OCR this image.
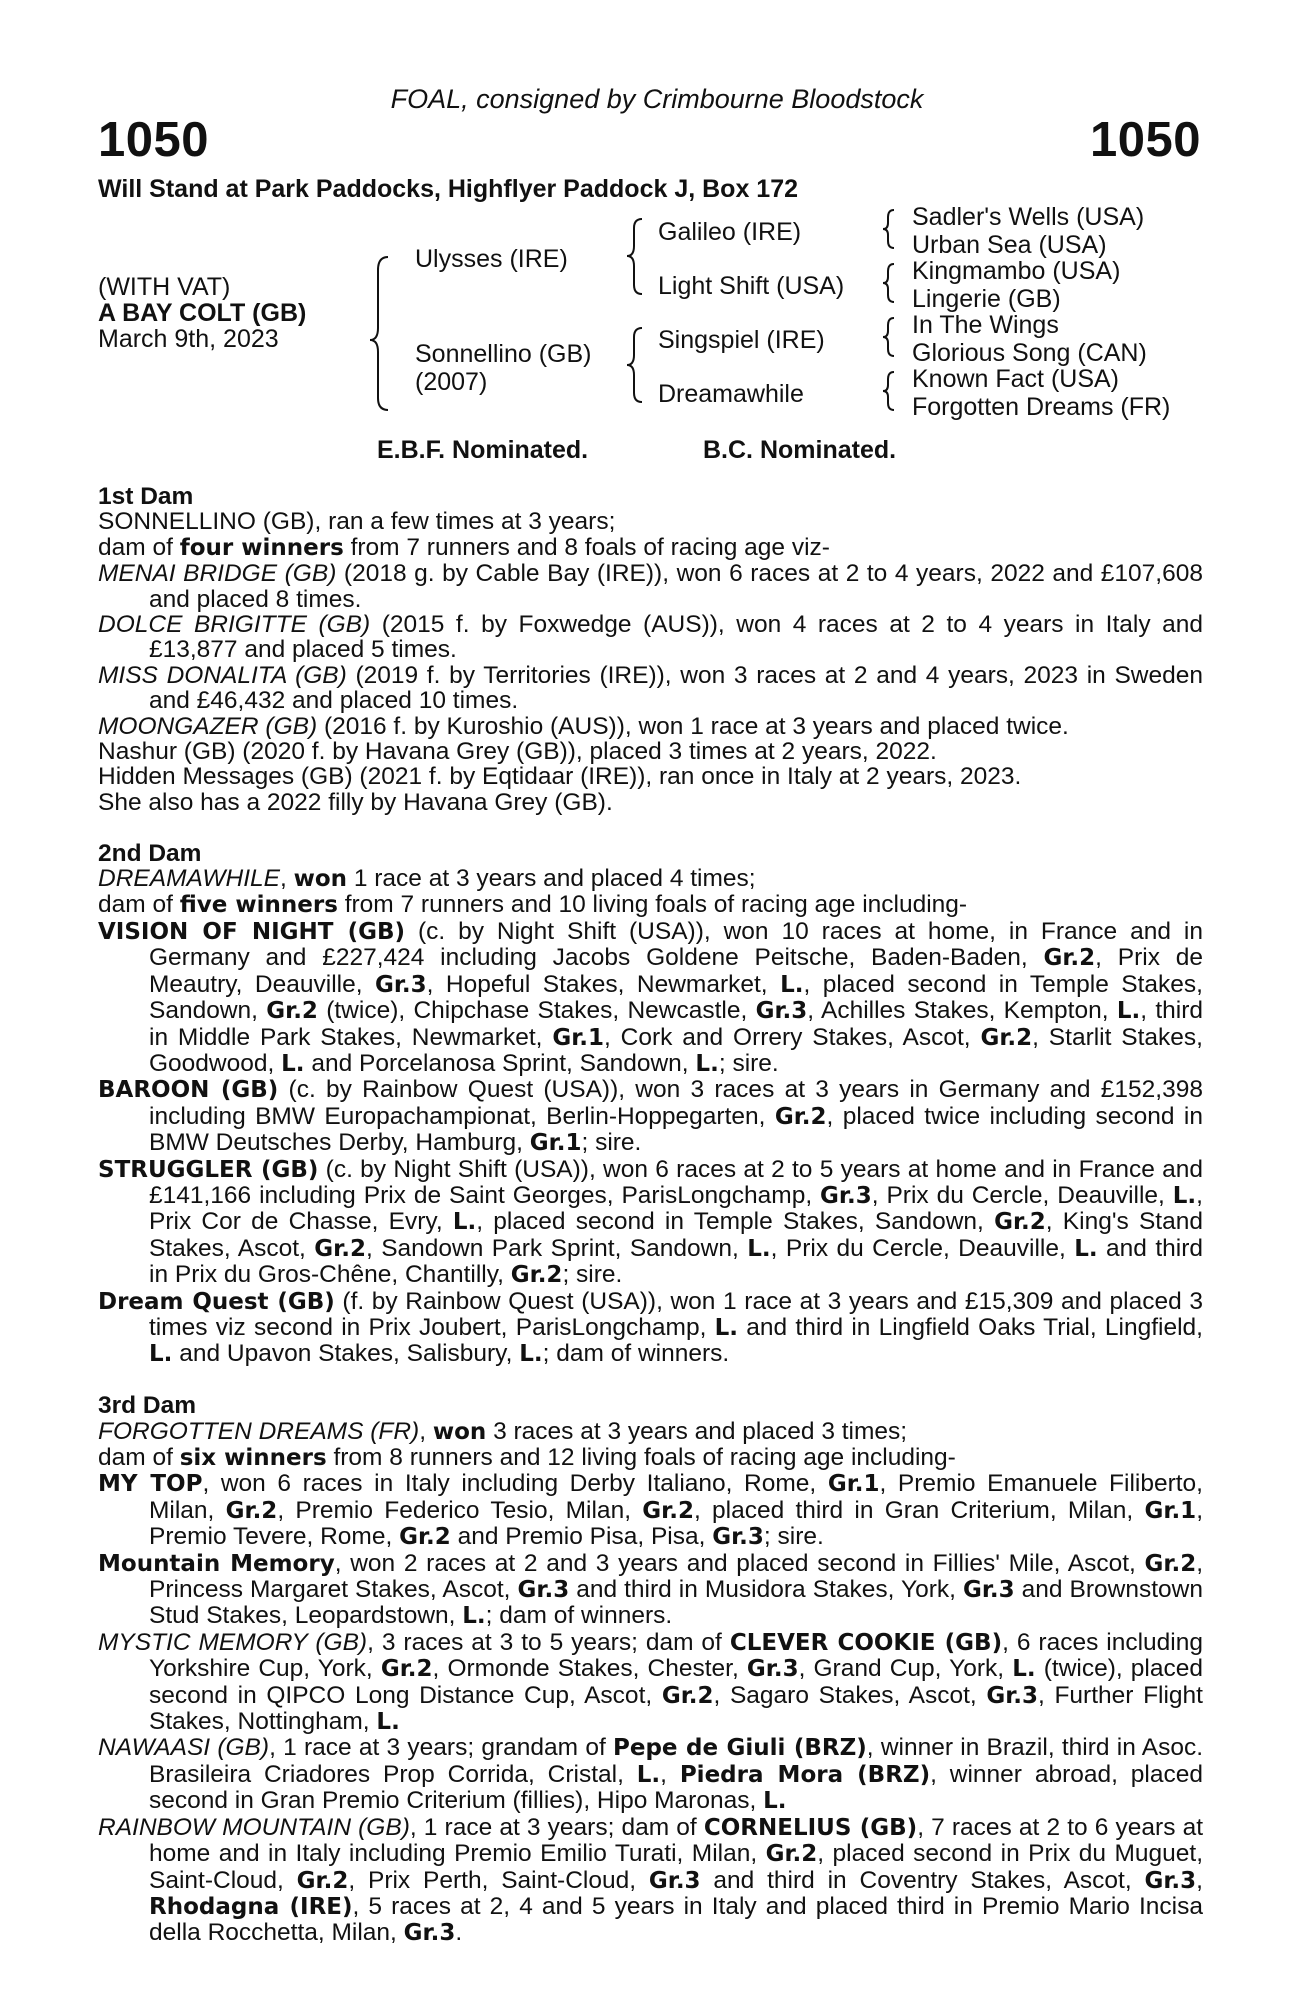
FOAL, consigned by Crimbourne Bloodstock
1050	1050
Will Stand at Park Paddocks, Highflyer Paddock J, Box 172
(WITH VAT)
A BAY COLT (GB)
March 9th, 2023
Ulysses (IRE)
Sonnellino (GB)
(2007)
Galileo (IRE)
Light Shift (USA)
Singspiel (IRE)
Dreamawhile
Sadler's Wells (USA)
Urban Sea (USA)
Kingmambo (USA)
Lingerie (GB)
In The Wings
Glorious Song (CAN)
Known Fact (USA)
Forgotten Dreams (FR)
E.B.F. Nominated.	B.C. Nominated.

1st Dam

SONNELLINO (GB), ran a few times at 3 years;

dam of four winners from 7 runners and 8 foals of racing age viz-

MENAI BRIDGE (GB) (2018 g. by Cable Bay (IRE)), won 6 races at 2 to 4 years, 2022 and £107,608 and placed 8 times.

DOLCE BRIGITTE (GB) (2015 f. by Foxwedge (AUS)), won 4 races at 2 to 4 years in Italy and £13,877 and placed 5 times.

MISS DONALITA (GB) (2019 f. by Territories (IRE)), won 3 races at 2 and 4 years, 2023 in Sweden and £46,432 and placed 10 times.

MOONGAZER (GB) (2016 f. by Kuroshio (AUS)), won 1 race at 3 years and placed twice.

Nashur (GB) (2020 f. by Havana Grey (GB)), placed 3 times at 2 years, 2022.

Hidden Messages (GB) (2021 f. by Eqtidaar (IRE)), ran once in Italy at 2 years, 2023.

She also has a 2022 filly by Havana Grey (GB).

2nd Dam

DREAMAWHILE, won 1 race at 3 years and placed 4 times;

dam of five winners from 7 runners and 10 living foals of racing age including-

VISION OF NIGHT (GB) (c. by Night Shift (USA)), won 10 races at home, in France and in Germany and £227,424 including Jacobs Goldene Peitsche, Baden-Baden, Gr.2, Prix de Meautry, Deauville, Gr.3, Hopeful Stakes, Newmarket, L., placed second in Temple Stakes, Sandown, Gr.2 (twice), Chipchase Stakes, Newcastle, Gr.3, Achilles Stakes, Kempton, L., third in Middle Park Stakes, Newmarket, Gr.1, Cork and Orrery Stakes, Ascot, Gr.2, Starlit Stakes, Goodwood, L. and Porcelanosa Sprint, Sandown, L.; sire.

BAROON (GB) (c. by Rainbow Quest (USA)), won 3 races at 3 years in Germany and £152,398 including BMW Europachampionat, Berlin-Hoppegarten, Gr.2, placed twice including second in BMW Deutsches Derby, Hamburg, Gr.1; sire.

STRUGGLER (GB) (c. by Night Shift (USA)), won 6 races at 2 to 5 years at home and in France and £141,166 including Prix de Saint Georges, ParisLongchamp, Gr.3, Prix du Cercle, Deauville, L., Prix Cor de Chasse, Evry, L., placed second in Temple Stakes, Sandown, Gr.2, King's Stand Stakes, Ascot, Gr.2, Sandown Park Sprint, Sandown, L., Prix du Cercle, Deauville, L. and third in Prix du Gros-Chêne, Chantilly, Gr.2; sire.

Dream Quest (GB) (f. by Rainbow Quest (USA)), won 1 race at 3 years and £15,309 and placed 3 times viz second in Prix Joubert, ParisLongchamp, L. and third in Lingfield Oaks Trial, Lingfield, L. and Upavon Stakes, Salisbury, L.; dam of winners.

3rd Dam

FORGOTTEN DREAMS (FR), won 3 races at 3 years and placed 3 times;

dam of six winners from 8 runners and 12 living foals of racing age including-

MY TOP, won 6 races in Italy including Derby Italiano, Rome, Gr.1, Premio Emanuele Filiberto, Milan, Gr.2, Premio Federico Tesio, Milan, Gr.2, placed third in Gran Criterium, Milan, Gr.1, Premio Tevere, Rome, Gr.2 and Premio Pisa, Pisa, Gr.3; sire.

Mountain Memory, won 2 races at 2 and 3 years and placed second in Fillies' Mile, Ascot, Gr.2, Princess Margaret Stakes, Ascot, Gr.3 and third in Musidora Stakes, York, Gr.3 and Brownstown Stud Stakes, Leopardstown, L.; dam of winners.

MYSTIC MEMORY (GB), 3 races at 3 to 5 years; dam of CLEVER COOKIE (GB), 6 races including Yorkshire Cup, York, Gr.2, Ormonde Stakes, Chester, Gr.3, Grand Cup, York, L. (twice), placed second in QIPCO Long Distance Cup, Ascot, Gr.2, Sagaro Stakes, Ascot, Gr.3, Further Flight Stakes, Nottingham, L.

NAWAASI (GB), 1 race at 3 years; grandam of Pepe de Giuli (BRZ), winner in Brazil, third in Asoc. Brasileira Criadores Prop Corrida, Cristal, L., Piedra Mora (BRZ), winner abroad, placed second in Gran Premio Criterium (fillies), Hipo Maronas, L.

RAINBOW MOUNTAIN (GB), 1 race at 3 years; dam of CORNELIUS (GB), 7 races at 2 to 6 years at home and in Italy including Premio Emilio Turati, Milan, Gr.2, placed second in Prix du Muguet, Saint-Cloud, Gr.2, Prix Perth, Saint-Cloud, Gr.3 and third in Coventry Stakes, Ascot, Gr.3, Rhodagna (IRE), 5 races at 2, 4 and 5 years in Italy and placed third in Premio Mario Incisa della Rocchetta, Milan, Gr.3.
